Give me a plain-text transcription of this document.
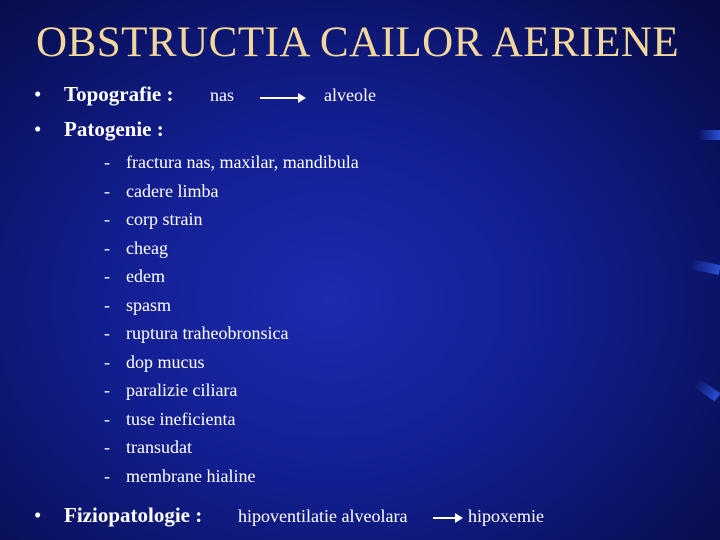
OBSTRUCTIA CAILOR AERIENE
• Topografie : nas	alveole
• Patogenie :
- fractura nas, maxilar, mandibula
- cadere limba
- corp strain
- cheag
- edem
- spasm
- ruptura traheobronsica
- dop mucus
- paralizie ciliara
- tuse ineficienta
- transudat
- membrane hialine
• Fiziopatologie : hipoventilatie alveolara	hipoxemie
